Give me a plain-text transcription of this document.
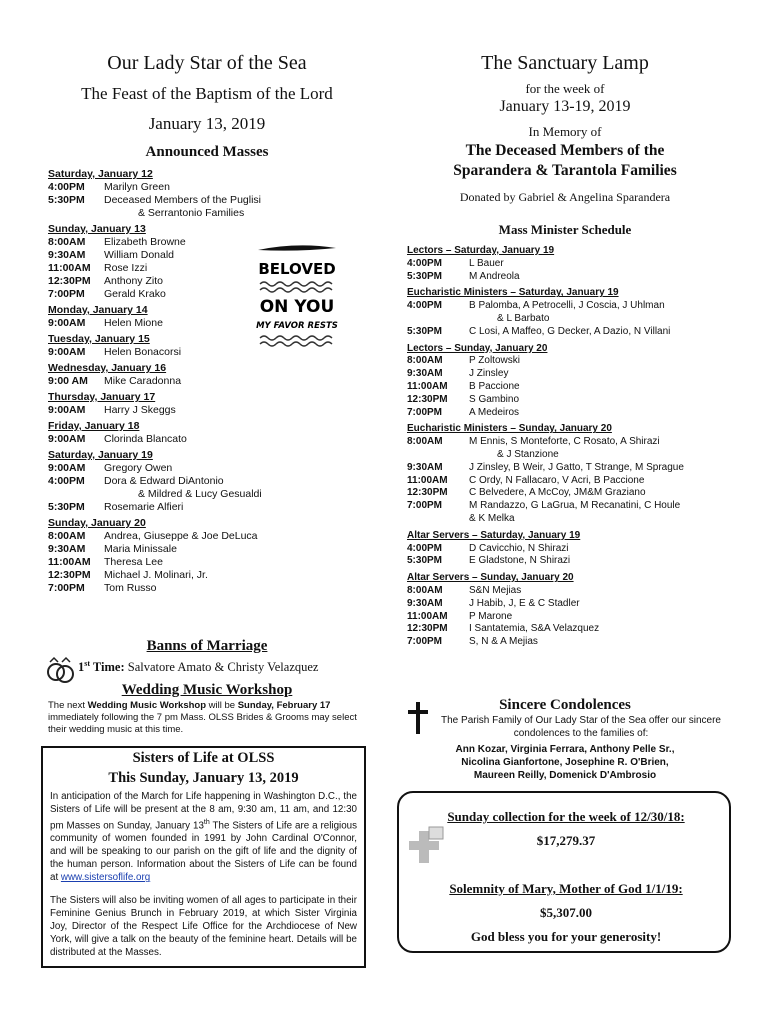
Our Lady Star of the Sea
The Feast of the Baptism of the Lord
January 13, 2019
Announced Masses
Saturday, January 12
4:00PM	Marilyn Green
5:30PM	Deceased Members of the Puglisi
& Serrantonio Families
Sunday, January 13
8:00AM	Elizabeth Browne
9:30AM	William Donald
11:00AM	Rose Izzi
12:30PM	Anthony Zito
7:00PM	Gerald Krako
Monday, January 14
9:00AM	Helen Mione
Tuesday, January 15
9:00AM	Helen Bonacorsi
Wednesday, January 16
9:00 AM	Mike Caradonna
Thursday, January 17
9:00AM	Harry J Skeggs
Friday, January 18
9:00AM	Clorinda Blancato
Saturday, January 19
9:00AM	Gregory Owen
4:00PM	Dora & Edward DiAntonio
& Mildred & Lucy Gesualdi
5:30PM	Rosemarie Alfieri
Sunday, January 20
8:00AM	Andrea, Giuseppe & Joe DeLuca
9:30AM	Maria Minissale
11:00AM	Theresa Lee
12:30PM	Michael J. Molinari, Jr.
7:00PM	Tom Russo
Banns of Marriage
Wedding Music Workshop
The next Wedding Music Workshop will be Sunday, February 17 immediately following the 7 pm Mass. OLSS Brides & Grooms may select their wedding music at this time.
1st Time: Salvatore Amato & Christy Velazquez
BELOVED
ON YOU
MY FAVOR RESTS
Sisters of Life at OLSS
This Sunday, January 13, 2019

In anticipation of the March for Life happening in Washington D.C., the Sisters of Life will be present at the 8 am, 9:30 am, 11 am, and 12:30 pm Masses on Sunday, January 13th The Sisters of Life are a religious community of women founded in 1991 by John Cardinal O'Connor, and will be speaking to our parish on the gift of life and the dignity of the human person. Information about the Sisters of Life can be found at www.sistersoflife.org

The Sisters will also be inviting women of all ages to participate in their Feminine Genius Brunch in February 2019, at which Sister Virginia Joy, Director of the Respect Life Office for the Archdiocese of New York, will give a talk on the beauty of the feminine heart. Details will be distributed at the Masses.

The Sanctuary Lamp
for the week of
January 13-19, 2019
In Memory of
The Deceased Members of the
Sparandera & Tarantola Families
Donated by Gabriel & Angelina Sparandera
Mass Minister Schedule
Lectors – Saturday, January 19
4:00PM	L Bauer
5:30PM	M Andreola
Eucharistic Ministers – Saturday, January 19
4:00PM	B Palomba, A Petrocelli, J Coscia, J Uhlman
& L Barbato
5:30PM	C Losi, A Maffeo, G Decker, A Dazio, N Villani
Lectors – Sunday, January 20
8:00AM	P Zoltowski
9:30AM	J Zinsley
11:00AM	B Paccione
12:30PM	S Gambino
7:00PM	A Medeiros
Eucharistic Ministers – Sunday, January 20
8:00AM	M Ennis, S Monteforte, C Rosato, A Shirazi
& J Stanzione
9:30AM	J Zinsley, B Weir, J Gatto, T Strange, M Sprague
11:00AM	C Ordy, N Fallacaro, V Acri, B Paccione
12:30PM	C Belvedere, A McCoy, JM&M Graziano
7:00PM	M Randazzo, G LaGrua, M Recanatini, C Houle
& K Melka
Altar Servers – Saturday, January 19
4:00PM	D Cavicchio, N Shirazi
5:30PM	E Gladstone, N Shirazi
Altar Servers – Sunday, January 20
8:00AM	S&N Mejias
9:30AM	J Habib, J, E & C Stadler
11:00AM	P Marone
12:30PM	I Santatemia, S&A Velazquez
7:00PM	S, N & A Mejias
Sincere Condolences
The Parish Family of Our Lady Star of the Sea offer our sincere condolences to the families of:
Ann Kozar, Virginia Ferrara, Anthony Pelle Sr.,
Nicolina Gianfortone, Josephine R. O'Brien,
Maureen Reilly, Domenick D'Ambrosio
Sunday collection for the week of 12/30/18:
$17,279.37
Solemnity of Mary, Mother of God 1/1/19:
$5,307.00
God bless you for your generosity!
